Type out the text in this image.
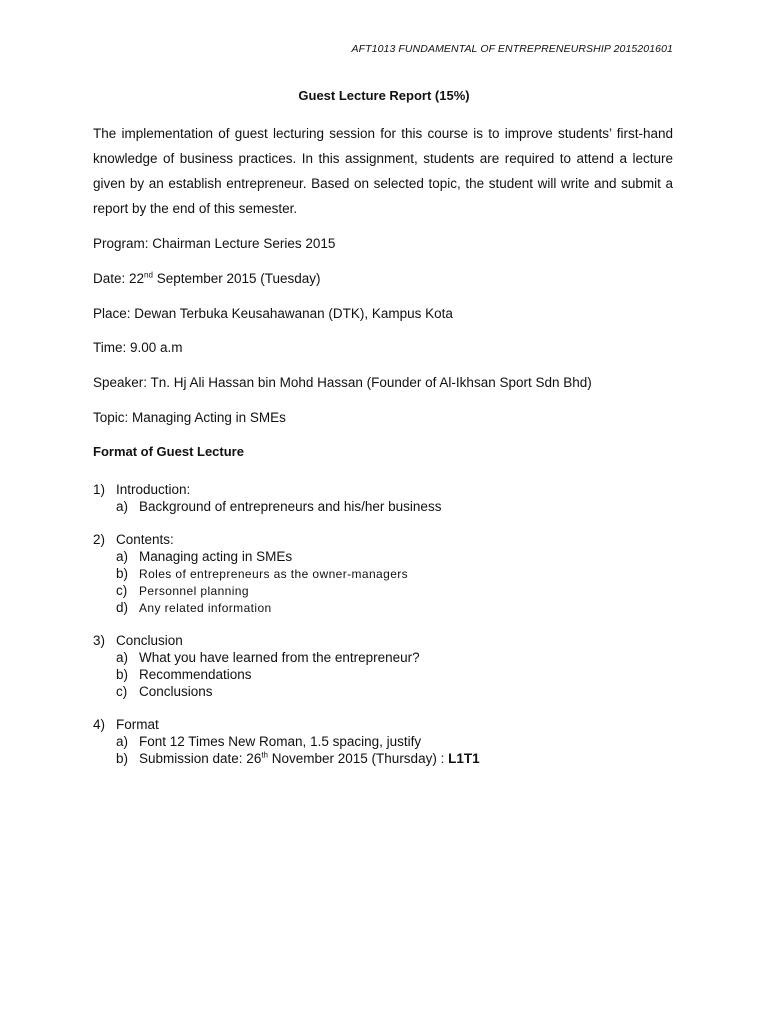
AFT1013 FUNDAMENTAL OF ENTREPRENEURSHIP 2015201601
Guest Lecture Report (15%)
The implementation of guest lecturing session for this course is to improve students’ first-hand knowledge of business practices. In this assignment, students are required to attend a lecture given by an establish entrepreneur. Based on selected topic, the student will write and submit a report by the end of this semester.
Program: Chairman Lecture Series 2015
Date: 22nd September 2015 (Tuesday)
Place: Dewan Terbuka Keusahawanan (DTK), Kampus Kota
Time: 9.00 a.m
Speaker: Tn. Hj Ali Hassan bin Mohd Hassan (Founder of Al-Ikhsan Sport Sdn Bhd)
Topic: Managing Acting in SMEs
Format of Guest Lecture
1) Introduction:
a) Background of entrepreneurs and his/her business
2) Contents:
a) Managing acting in SMEs
b) Roles of entrepreneurs as the owner-managers
c) Personnel planning
d) Any related information
3) Conclusion
a) What you have learned from the entrepreneur?
b) Recommendations
c) Conclusions
4) Format
a) Font 12 Times New Roman, 1.5 spacing, justify
b) Submission date: 26th November 2015 (Thursday) : L1T1
